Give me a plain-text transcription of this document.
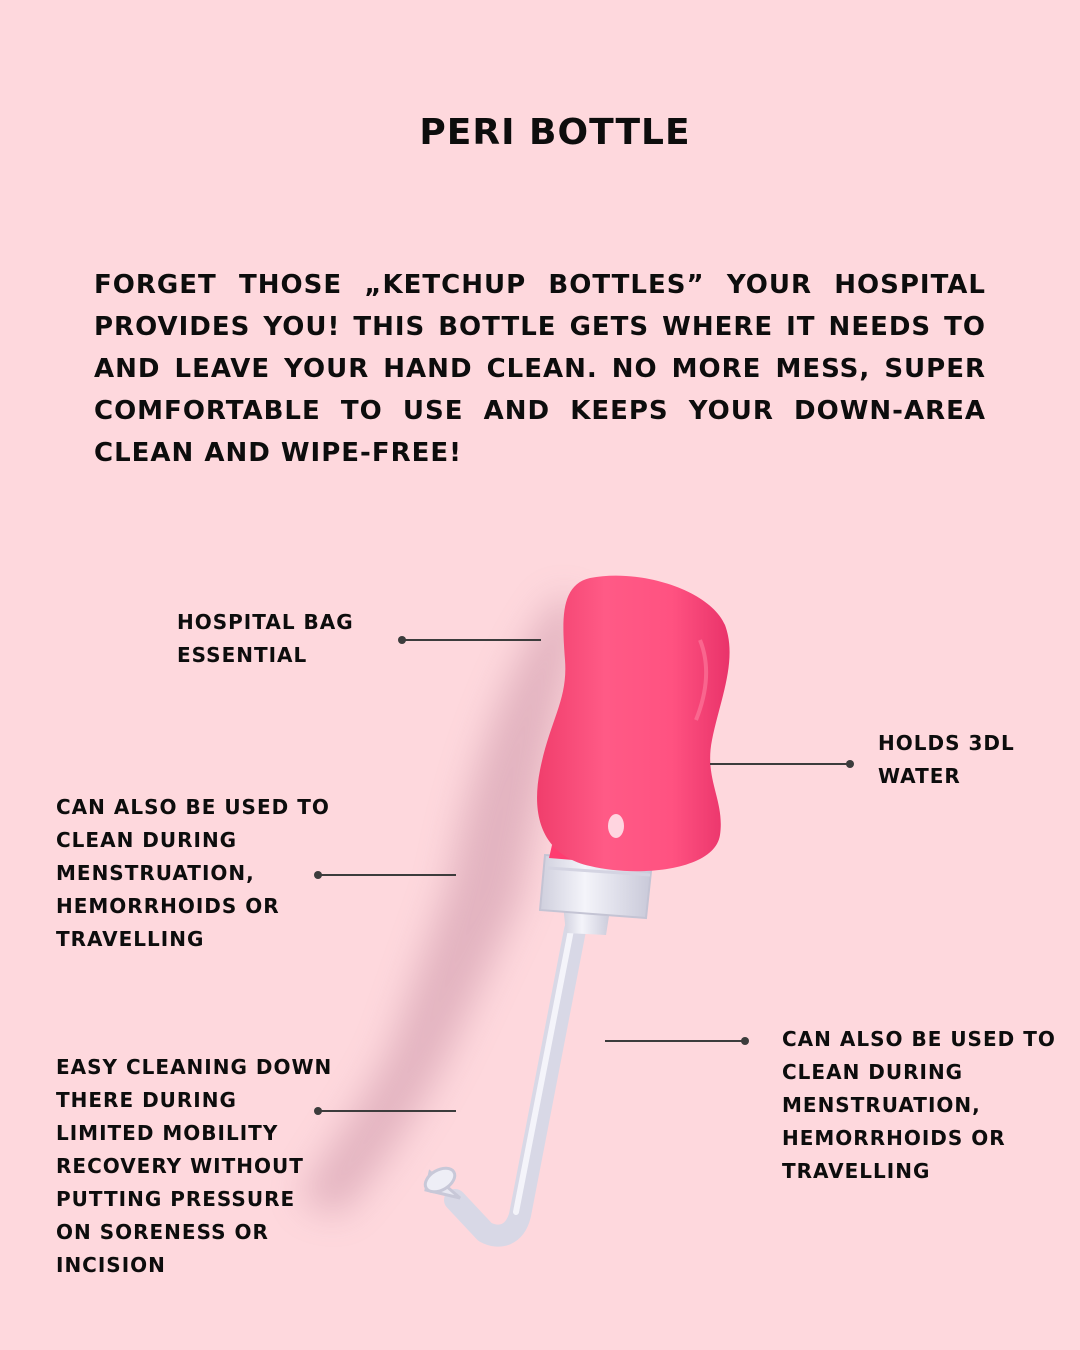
PERI BOTTLE

FORGET THOSE „KETCHUP BOTTLES” YOUR HOSPITAL PROVIDES YOU! THIS BOTTLE GETS WHERE IT NEEDS TO AND LEAVE YOUR HAND CLEAN. NO MORE MESS, SUPER COMFORTABLE TO USE AND KEEPS YOUR DOWN-AREA CLEAN AND WIPE-FREE!

HOSPITAL BAG
ESSENTIAL

HOLDS 3DL
WATER

CAN ALSO BE USED TO
CLEAN DURING
MENSTRUATION,
HEMORRHOIDS OR
TRAVELLING

EASY CLEANING DOWN
THERE DURING
LIMITED MOBILITY
RECOVERY WITHOUT
PUTTING PRESSURE
ON SORENESS OR
INCISION

CAN ALSO BE USED TO
CLEAN DURING
MENSTRUATION,
HEMORRHOIDS OR
TRAVELLING
